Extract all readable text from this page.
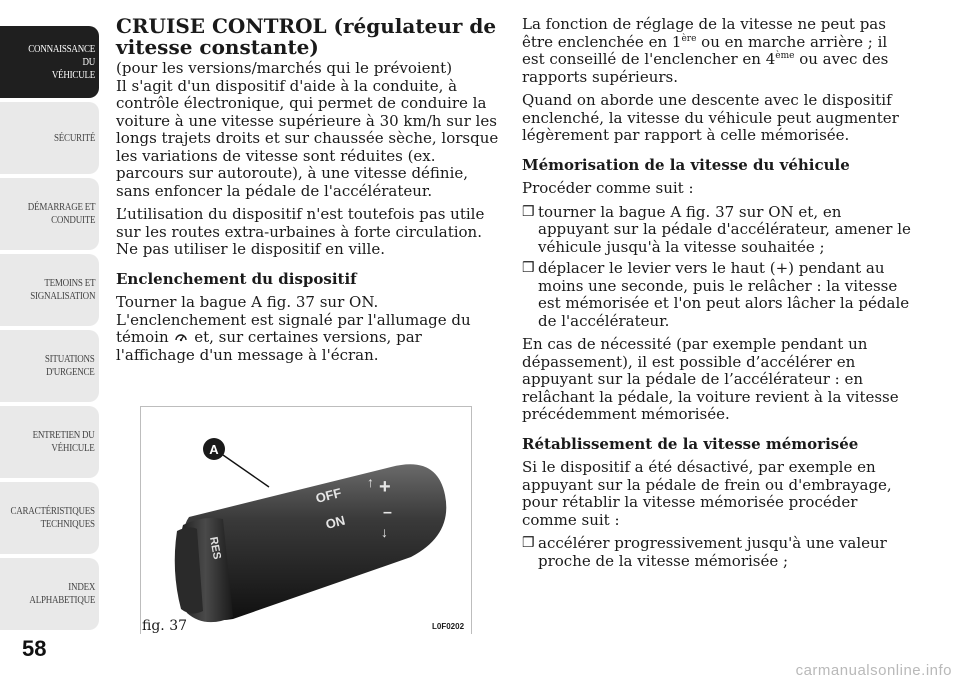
CONNAISSANCE DU
VÉHICULE
SÉCURITÉ
DÉMARRAGE ET
CONDUITE
TEMOINS ET
SIGNALISATION
SITUATIONS
D'URGENCE
ENTRETIEN DU
VÉHICULE
CARACTÉRISTIQUES
TECHNIQUES
INDEX
ALPHABETIQUE
58
CRUISE CONTROL (régulateur de vitesse constante)

(pour les versions/marchés qui le prévoient)

Il s'agit d'un dispositif d'aide à la conduite, à contrôle électronique, qui permet de conduire la voiture à une vitesse supérieure à 30 km/h sur les longs trajets droits et sur chaussée sèche, lorsque les variations de vitesse sont réduites (ex. parcours sur autoroute), à une vitesse définie, sans enfoncer la pédale de l'accélérateur.

L’utilisation du dispositif n'est toutefois pas utile sur les routes extra-urbaines à forte circulation. Ne pas utiliser le dispositif en ville.

Enclenchement du dispositif

Tourner la bague A fig. 37 sur ON.

L'enclenchement est signalé par l'allumage du témoin et, sur certaines versions, par l'affichage d'un message à l'écran.

A
OFF
ON
+
–
↑
↓
RES
fig. 37	L0F0202

La fonction de réglage de la vitesse ne peut pas être enclenchée en 1ère ou en marche arrière ; il est conseillé de l'enclencher en 4ème ou avec des rapports supérieurs.

Quand on aborde une descente avec le dispositif enclenché, la vitesse du véhicule peut augmenter légèrement par rapport à celle mémorisée.

Mémorisation de la vitesse du véhicule

Procéder comme suit :

❒ tourner la bague A fig. 37 sur ON et, en appuyant sur la pédale d'accélérateur, amener le véhicule jusqu'à la vitesse souhaitée ;
❒ déplacer le levier vers le haut (+) pendant au moins une seconde, puis le relâcher : la vitesse est mémorisée et l'on peut alors lâcher la pédale de l'accélérateur.

En cas de nécessité (par exemple pendant un dépassement), il est possible d’accélérer en appuyant sur la pédale de l’accélérateur : en relâchant la pédale, la voiture revient à la vitesse précédemment mémorisée.

Rétablissement de la vitesse mémorisée

Si le dispositif a été désactivé, par exemple en appuyant sur la pédale de frein ou d'embrayage, pour rétablir la vitesse mémorisée procéder comme suit :

❒ accélérer progressivement jusqu'à une valeur proche de la vitesse mémorisée ;
carmanualsonline.info
